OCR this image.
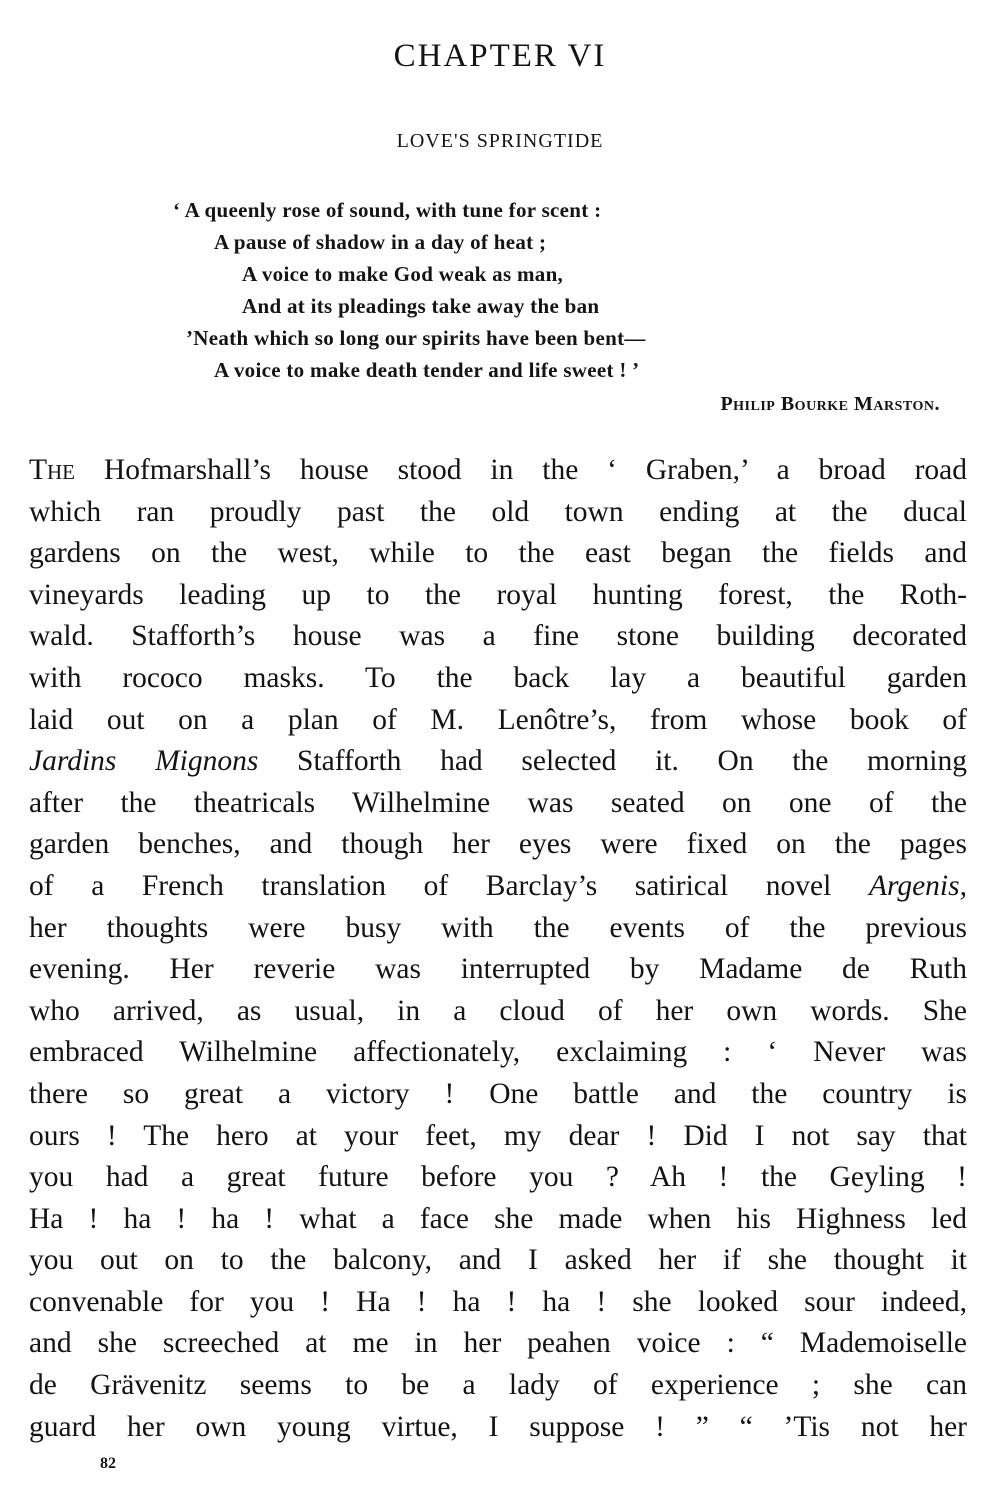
CHAPTER VI
LOVE'S SPRINGTIDE
‘ A queenly rose of sound, with tune for scent :
A pause of shadow in a day of heat ;
A voice to make God weak as man,
And at its pleadings take away the ban
’Neath which so long our spirits have been bent—
A voice to make death tender and life sweet ! ’
Philip Bourke Marston.
The Hofmarshall’s house stood in the ‘ Graben,’ a broad road
which ran proudly past the old town ending at the ducal
gardens on the west, while to the east began the fields and
vineyards leading up to the royal hunting forest, the Roth-
wald. Stafforth’s house was a fine stone building decorated
with rococo masks. To the back lay a beautiful garden
laid out on a plan of M. Lenôtre’s, from whose book of
Jardins Mignons Stafforth had selected it. On the morning
after the theatricals Wilhelmine was seated on one of the
garden benches, and though her eyes were fixed on the pages
of a French translation of Barclay’s satirical novel Argenis,
her thoughts were busy with the events of the previous
evening. Her reverie was interrupted by Madame de Ruth
who arrived, as usual, in a cloud of her own words. She
embraced Wilhelmine affectionately, exclaiming : ‘ Never was
there so great a victory ! One battle and the country is
ours ! The hero at your feet, my dear ! Did I not say that
you had a great future before you ? Ah ! the Geyling !
Ha ! ha ! ha ! what a face she made when his Highness led
you out on to the balcony, and I asked her if she thought it
convenable for you ! Ha ! ha ! ha ! she looked sour indeed,
and she screeched at me in her peahen voice : “ Mademoiselle
de Grävenitz seems to be a lady of experience ; she can
guard her own young virtue, I suppose ! ” “ ’Tis not her
82
